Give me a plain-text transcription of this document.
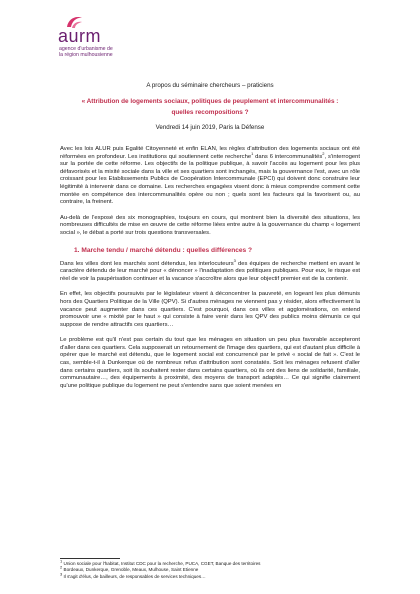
aurm
agence d'urbanisme de
la région mulhousienne

A propos du séminaire chercheurs – praticiens

« Attribution de logements sociaux, politiques de peuplement et intercommunalités :
quelles recompositions ?

Vendredi 14 juin 2019, Paris la Défense

Avec les lois ALUR puis Egalité Citoyenneté et enfin ELAN, les règles d'attribution des logements sociaux ont été réformées en profondeur. Les institutions qui soutiennent cette recherche$^1$ dans 6 intercommunalités$^2$, s'interrogent sur la portée de cette réforme. Les objectifs de la politique publique, à savoir l'accès au logement pour les plus défavorisés et la mixité sociale dans la ville et ses quartiers sont inchangés, mais la gouvernance l'est, avec un rôle croissant pour les Etablissements Publics de Coopération Intercommunale (EPCI) qui doivent donc construire leur légitimité à intervenir dans ce domaine. Les recherches engagées visent donc à mieux comprendre comment cette montée en compétence des intercommunalités opère ou non ; quels sont les facteurs qui la favorisent ou, au contraire, la freinent.

Au-delà de l'exposé des six monographies, toujours en cours, qui montrent bien la diversité des situations, les nombreuses difficultés de mise en œuvre de cette réforme liées entre autre à la gouvernance du champ « logement social », le débat a porté sur trois questions transversales.

1. Marche tendu / marché détendu : quelles différences ?

Dans les villes dont les marchés sont détendus, les interlocuteurs$^3$ des équipes de recherche mettent en avant le caractère détendu de leur marché pour « dénoncer » l'inadaptation des politiques publiques. Pour eux, le risque est réel de voir la paupérisation continuer et la vacance s'accroître alors que leur objectif premier est de la contenir.

En effet, les objectifs poursuivis par le législateur visent à déconcentrer la pauvreté, en logeant les plus démunis hors des Quartiers Politique de la Ville (QPV). Si d'autres ménages ne viennent pas y résider, alors effectivement la vacance peut augmenter dans ces quartiers. C'est pourquoi, dans ces villes et agglomérations, on entend promouvoir une « mixité par le haut » qui consiste à faire venir dans les QPV des publics moins démunis ce qui suppose de rendre attractifs ces quartiers…

Le problème est qu'il n'est pas certain du tout que les ménages en situation un peu plus favorable accepteront d'aller dans ces quartiers. Cela supposerait un retournement de l'image des quartiers, qui est d'autant plus difficile à opérer que le marché est détendu, que le logement social est concurrencé par le privé « social de fait ». C'est le cas, semble-t-il à Dunkerque où de nombreux refus d'attribution sont constatés. Soit les ménages refusent d'aller dans certains quartiers, soit ils souhaitent rester dans certains quartiers, où ils ont des liens de solidarité, familiale, communautaire…, des équipements à proximité, des moyens de transport adaptés… Ce qui signifie clairement qu'une politique publique du logement ne peut s'entendre sans que soient menées en

$^1$ Union sociale pour l'habitat, Institut CDC pour la recherche, PUCA, CGET, Banque des territoires

$^2$ Bordeaux, Dunkerque, Grenoble, Meaux, Mulhouse, Saint Etienne

$^3$ Il s'agit d'élus, de bailleurs, de responsables de services techniques…
